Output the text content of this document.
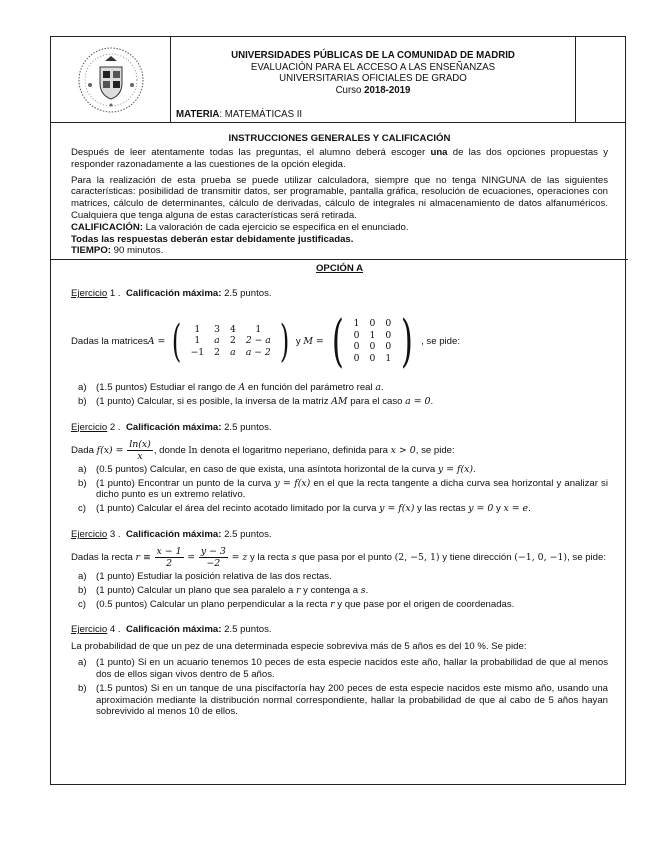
UNIVERSIDADES PÚBLICAS DE LA COMUNIDAD DE MADRID
EVALUACIÓN PARA EL ACCESO A LAS ENSEÑANZAS
UNIVERSITARIAS OFICIALES DE GRADO
Curso 2018-2019
MATERIA: MATEMÁTICAS II
INSTRUCCIONES GENERALES Y CALIFICACIÓN

Después de leer atentamente todas las preguntas, el alumno deberá escoger una de las dos opciones propuestas y responder razonadamente a las cuestiones de la opción elegida.

Para la realización de esta prueba se puede utilizar calculadora, siempre que no tenga NINGUNA de las siguientes características: posibilidad de transmitir datos, ser programable, pantalla gráfica, resolución de ecuaciones, operaciones con matrices, cálculo de determinantes, cálculo de derivadas, cálculo de integrales ni almacenamiento de datos alfanuméricos. Cualquiera que tenga alguna de estas características será retirada.

CALIFICACIÓN: La valoración de cada ejercicio se especifica en el enunciado.

Todas las respuestas deberán estar debidamente justificadas.

TIEMPO: 90 minutos.

OPCIÓN A
Ejercicio 1 . Calificación máxima: 2.5 puntos.
Dadas la matrices A = ( 1	3	4	1
1	a	2	2 − a
−1	2	a	a − 2 ) y
M = ( 1	0	0
0	1	0
0	0	0
0	0	1 ) , se pide:
a) (1.5 puntos) Estudiar el rango de A en función del parámetro real a.
b) (1 punto) Calcular, si es posible, la inversa de la matriz AM para el caso a = 0.
Ejercicio 2 . Calificación máxima: 2.5 puntos.

Dada $f(x) = \frac{\ln(x)}{x}$ , donde ln denota el logaritmo neperiano, definida para x > 0, se pide:

a) (0.5 puntos) Calcular, en caso de que exista, una asíntota horizontal de la curva y = f(x).
b) (1 punto) Encontrar un punto de la curva y = f(x) en el que la recta tangente a dicha curva sea horizontal y analizar si dicho punto es un extremo relativo.
c)	(1 punto) Calcular el área del recinto acotado limitado por la curva y = f(x) y las rectas y = 0 y x = e.
Ejercicio 3 . Calificación máxima: 2.5 puntos.

Dadas la recta $r \equiv \frac{x - 1}{2} = \frac{y - 3}{-2} = z$ y la recta s que pasa por el punto (2, −5, 1) y tiene dirección (−1, 0, −1), se pide:

a) (1 punto) Estudiar la posición relativa de las dos rectas.
b) (1 punto) Calcular un plano que sea paralelo a r y contenga a s.
c)	(0.5 puntos) Calcular un plano perpendicular a la recta r y que pase por el origen de coordenadas.
Ejercicio 4 . Calificación máxima: 2.5 puntos.

La probabilidad de que un pez de una determinada especie sobreviva más de 5 años es del 10 %. Se pide:

a) (1 punto) Si en un acuario tenemos 10 peces de esta especie nacidos este año, hallar la probabilidad de que al menos dos de ellos sigan vivos dentro de 5 años.
b) (1.5 puntos) Si en un tanque de una piscifactoría hay 200 peces de esta especie nacidos este mismo año, usando una aproximación mediante la distribución normal correspondiente, hallar la probabilidad de que al cabo de 5 años hayan sobrevivido al menos 10 de ellos.
